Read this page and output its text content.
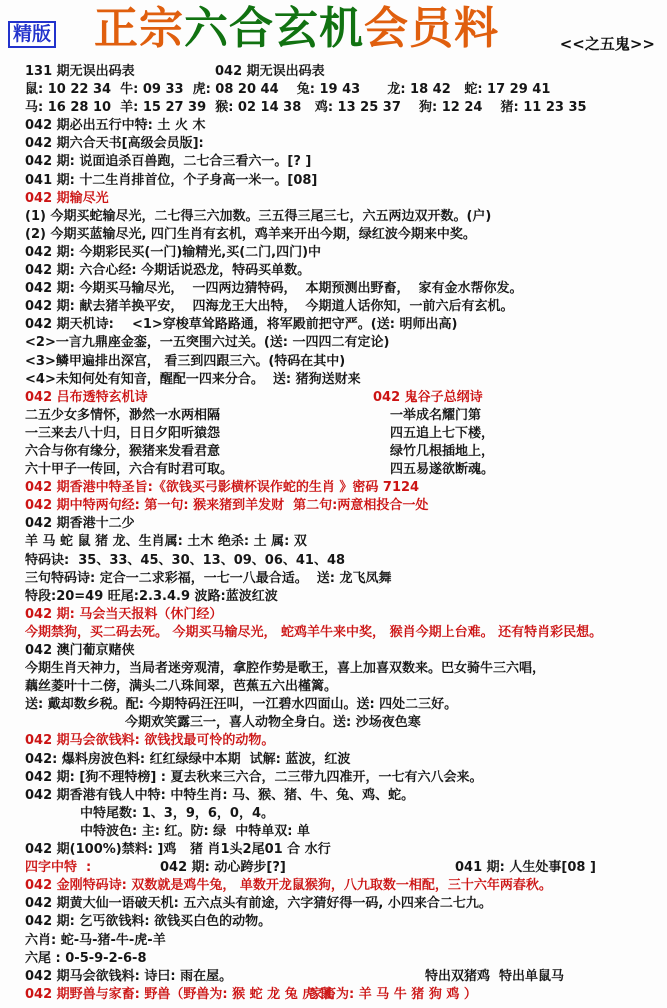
精版 正宗六合玄机会员料	<<之五鬼>>
131 期无误出码表	042 期无误出码表
鼠: 10 22 34  牛: 09 33  虎: 08 20 44    兔: 19 43      龙: 18 42   蛇: 17 29 41
马: 16 28 10  羊: 15 27 39  猴: 02 14 38   鸡: 13 25 37    狗: 12 24    猪: 11 23 35
042 期必出五行中特: 土 火 木
042 期六合天书[高级会员版]:
042 期: 说面追杀百兽跑，二七合三看六一。[? ]
041 期: 十二生肖排首位，个子身高一米一。[08]
042 期输尽光
(1) 今期买蛇输尽光，二七得三六加数。三五得三尾三七，六五两边双开数。(户)
(2) 今期买蓝输尽光, 四门生肖有玄机，鸡羊来开出今期，绿红波今期来中奖。
042 期: 今期彩民买(一门)输精光,买(二门,四门)中
042 期: 六合心经: 今期话说恐龙，特码买单数。
042 期: 今期买马输尽光，  一四两边猜特码，  本期预测出野畜，  家有金水帮你发。
042 期: 献去猪羊换平安，  四海龙王大出特，  今期道人话你知，一前六后有玄机。
042 期天机诗:    <1>穿梭草耸路路通，将军殿前把守严。(送: 明师出高)
<2>一言九鼎座金銮，一五突围六过关。(送: 一四四二有定论)
<3>鳞甲遍排出深宫， 看三到四跟三六。(特码在其中)
<4>未知何处有知音，醒配一四来分合。  送: 猪狗送财来
042 吕布透特玄机诗	042 鬼谷子总纲诗
二五少女多情怀，渺然一水两相隔	一举成名耀门第
一三来去八十归，日日夕阳听猿怨	四五追上七下楼，
六合与你有缘分，猴猪来发看君意	绿竹几根插地上，
六十甲子一传回，六合有时君可取。	四五易遂欲断魂。
042 期香港中特圣旨:《欲钱买弓影横杯误作蛇的生肖 》密码 7124
042 期中特两句经: 第一句: 猴来猪到羊发财  第二句:两意相投合一处
042 期香港十二少
羊 马 蛇 鼠 猪 龙、生肖属: 土木 绝杀: 土 属: 双
特码诀:  35、33、45、30、13、09、06、41、48
三句特码诗: 定合一二求彩福，一七一八最合适。  送: 龙飞凤舞
特段:20=49 旺尾:2.3.4.9 波路:蓝波红波
042 期: 马会当天报料（休门经）
今期禁狗，买二码去死。 今期买马输尽光， 蛇鸡羊牛来中奖， 猴肖今期上台难。 还有特肖彩民想。
042 澳门葡京赌侠
今期生肖天神力，当局者迷旁观清，拿腔作势是歌王，喜上加喜双数来。巴女骑牛三六唱，
藕丝菱叶十二傍，满头二八珠间翠，芭蕉五六出槿篱。
送: 戴却数乡税。配: 今期特码汪汪叫，一江碧水四面山。送: 四处二三好。
今期欢笑露三一，喜人动物全身白。送: 沙场夜色寒
042 期马会欲钱料: 欲钱找最可怜的动物。
042: 爆料房波色料: 红红绿绿中本期  试解: 蓝波，红波
042 期: [狗不理特榜] : 夏去秋来三六合，二三带九四准开，一七有六八会来。
042 期香港有钱人中特: 中特生肖: 马、猴、猪、牛、兔、鸡、蛇。
中特尾数: 1、3，9，6，0，4。
中特波色: 主: 红。防: 绿  中特单双: 单
042 期(100%)禁料: ]鸡   猪 肖1头2尾01 合 水行
四字中特  :	042 期: 动心跨步[?]	041 期: 人生处事[08 ]
042 金刚特码诗: 双数就是鸡牛兔， 单数开龙鼠猴狗，八九取数一相配，三十六年两春秋。
042 期黄大仙一语破天机: 五六点头有前途，六字猜好得一码, 小四来合二七九。
042 期: 乞丐欲钱料: 欲钱买白色的动物。
六肖: 蛇-马-猪-牛-虎-羊
六尾 : 0-5-9-2-6-8
042 期马会欲钱料: 诗曰: 雨在屋。	特出双猪鸡  特出单鼠马
042 期野兽与家畜: 野兽（野兽为: 猴 蛇 龙 兔 虎 鼠
家畜为: 羊 马 牛 猪 狗 鸡 ）
